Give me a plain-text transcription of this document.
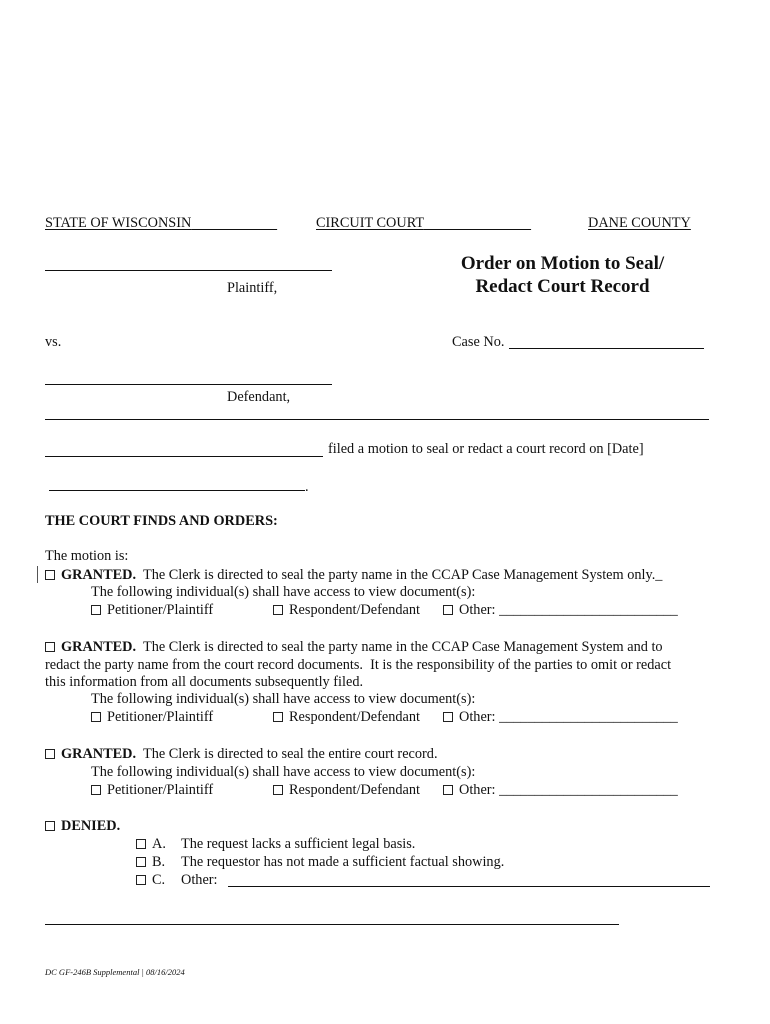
STATE OF WISCONSIN	CIRCUIT COURT	DANE COUNTY
Plaintiff,
vs.
Defendant,
Order on Motion to Seal/
Redact Court Record
Case No.
filed a motion to seal or redact a court record on [Date]
.
THE COURT FINDS AND ORDERS:
The motion is:
GRANTED. The Clerk is directed to seal the party name in the CCAP Case Management System only._
The following individual(s) shall have access to view document(s):
Petitioner/Plaintiff	Respondent/Defendant	Other: _________________________
GRANTED. The Clerk is directed to seal the party name in the CCAP Case Management System and to
redact the party name from the court record documents.  It is the responsibility of the parties to omit or redact
this information from all documents subsequently filed.
The following individual(s) shall have access to view document(s):
Petitioner/Plaintiff	Respondent/Defendant	Other: _________________________
GRANTED. The Clerk is directed to seal the entire court record.
The following individual(s) shall have access to view document(s):
Petitioner/Plaintiff	Respondent/Defendant	Other: _________________________
DENIED.
A. The request lacks a sufficient legal basis.
B. The requestor has not made a sufficient factual showing.
C. Other:
DC GF-246B Supplemental | 08/16/2024
